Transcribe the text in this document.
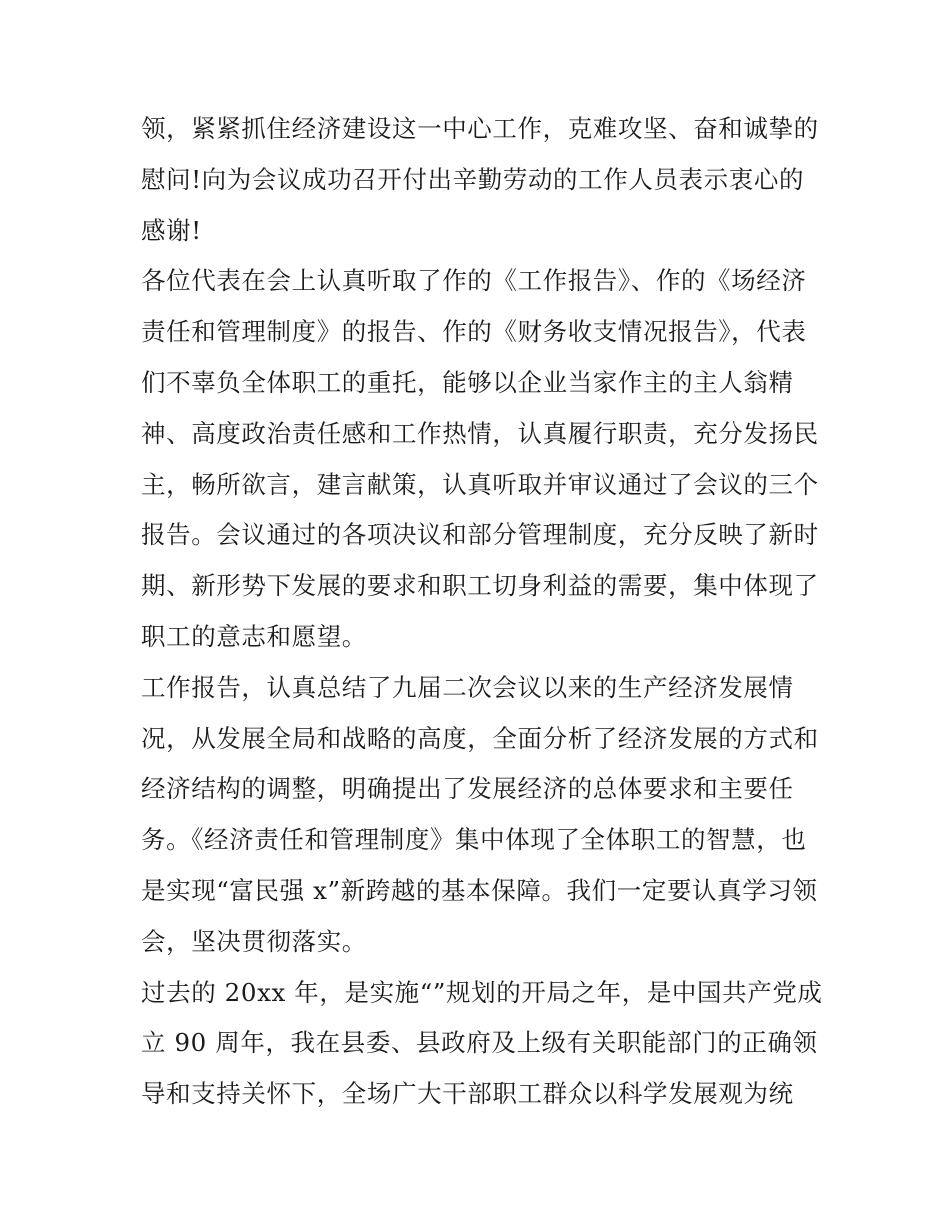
领，紧紧抓住经济建设这一中心工作，克难攻坚、奋和诚挚的
慰问!向为会议成功召开付出辛勤劳动的工作人员表示衷心的
感谢!
各位代表在会上认真听取了作的《工作报告》、作的《场经济
责任和管理制度》的报告、作的《财务收支情况报告》，代表
们不辜负全体职工的重托，能够以企业当家作主的主人翁精
神、高度政治责任感和工作热情，认真履行职责，充分发扬民
主，畅所欲言，建言献策，认真听取并审议通过了会议的三个
报告。会议通过的各项决议和部分管理制度，充分反映了新时
期、新形势下发展的要求和职工切身利益的需要，集中体现了
职工的意志和愿望。
工作报告，认真总结了九届二次会议以来的生产经济发展情
况，从发展全局和战略的高度，全面分析了经济发展的方式和
经济结构的调整，明确提出了发展经济的总体要求和主要任
务。《经济责任和管理制度》集中体现了全体职工的智慧，也
是实现“富民强 x”新跨越的基本保障。我们一定要认真学习领
会，坚决贯彻落实。
过去的 20xx 年，是实施“”规划的开局之年，是中国共产党成
立 90 周年，我在县委、县政府及上级有关职能部门的正确领
导和支持关怀下，全场广大干部职工群众以科学发展观为统
